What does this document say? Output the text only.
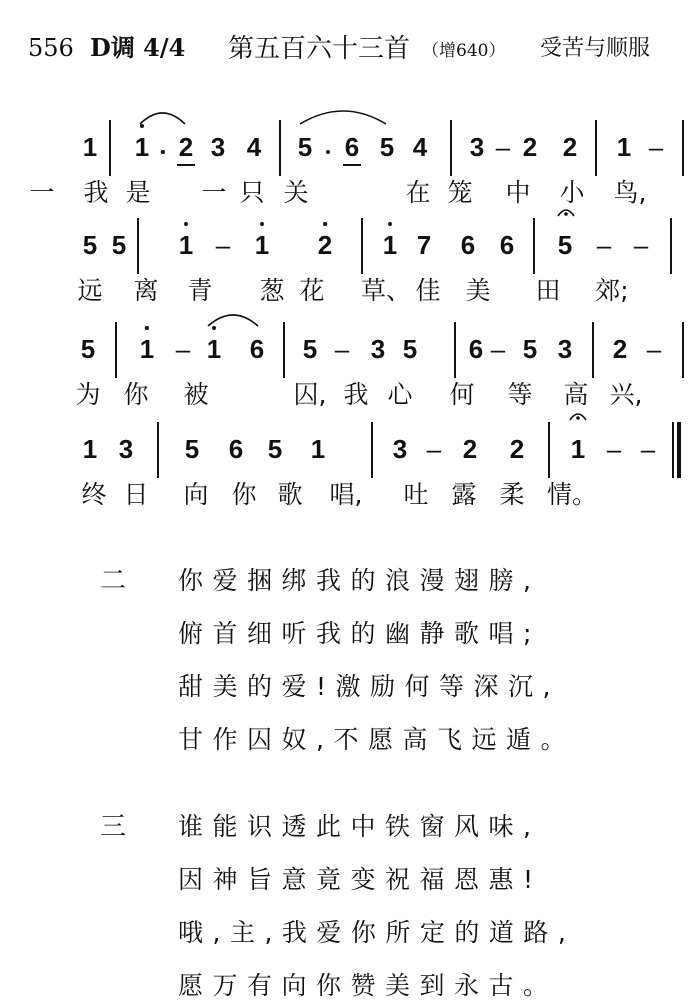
556 D调 4/4 第五百六十三首 （增640） 受苦与顺服
1 1 2 3 4 5 6 5 4 3 – 2 2 1 –
5 5 1 – 1 2 1 7 6 6 5 – –
5 1 – 1 6 5 – 3 5 6 – 5 3 2 –
1 3 5 6 5 1	3 – 2 2 1 – –
一 我 是 一 只 关	在 笼 中 小 鸟,
远 离 青 葱 花 草、 佳 美 田 郊;
为 你 被	囚, 我 心 何 等 高 兴,
终 日 向 你 歌 唱, 吐 露 柔 情。
二 你爱捆绑我的浪漫翅膀,
俯首细听我的幽静歌唱;
甜美的爱!激励何等深沉,
甘作囚奴,不愿高飞远遁。
三 谁能识透此中铁窗风味,
因神旨意竟变祝福恩惠!
哦,主,我爱你所定的道路,
愿万有向你赞美到永古。
